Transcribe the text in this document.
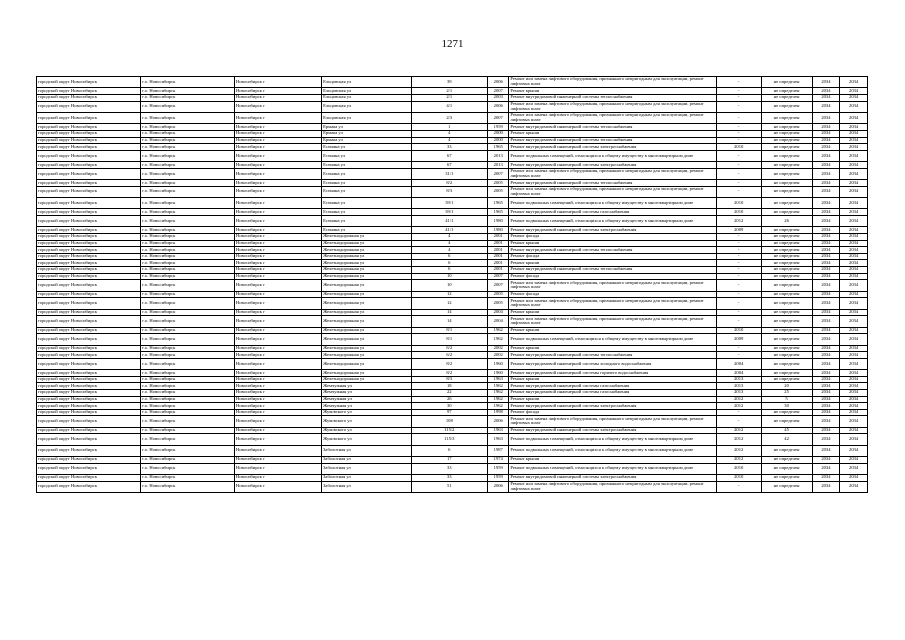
1271
городской округ Новосибирск	г.о. Новосибирск	Новосибирск г	Ельцовская ул	39	2006	Ремонт или замена лифтового оборудования, признанного непригодным для эксплуатации, ремонт лифтовых шахт	-	не определен	2034	2034
городской округ Новосибирск	г.о. Новосибирск	Новосибирск г	Ельцовская ул	2/1	2007	Ремонт крыши	-	не определен	2034	2034
городской округ Новосибирск	г.о. Новосибирск	Новосибирск г	Ельцовская ул	2/1	2003	Ремонт внутридомовой инженерной системы теплоснабжения	-	не определен	2034	2034
городской округ Новосибирск	г.о. Новосибирск	Новосибирск г	Ельцовская ул	4/1	2006	Ремонт или замена лифтового оборудования, признанного непригодным для эксплуатации, ремонт лифтовых шахт	-	не определен	2034	2034
городской округ Новосибирск	г.о. Новосибирск	Новосибирск г	Ельцовская ул	2/3	2007	Ремонт или замена лифтового оборудования, признанного непригодным для эксплуатации, ремонт лифтовых шахт	-	не определен	2034	2034
городской округ Новосибирск	г.о. Новосибирск	Новосибирск г	Ермака ул	1	1959	Ремонт внутридомовой инженерной системы теплоснабжения	-	не определен	2034	2034
городской округ Новосибирск	г.о. Новосибирск	Новосибирск г	Ермака ул	4	2000	Ремонт крыши	-	не определен	2034	2034
городской округ Новосибирск	г.о. Новосибирск	Новосибирск г	Ермака ул	4	2000	Ремонт внутридомовой инженерной системы теплоснабжения	-	не определен	2034	2034
городской округ Новосибирск	г.о. Новосибирск	Новосибирск г	Есенина ул	33	1965	Ремонт внутридомовой инженерной системы электроснабжения	2010	не определен	2034	2034
городской округ Новосибирск	г.о. Новосибирск	Новосибирск г	Есенина ул	67	2013	Ремонт подвальных помещений, относящихся к общему имуществу в многоквартирном доме	-	не определен	2034	2034
городской округ Новосибирск	г.о. Новосибирск	Новосибирск г	Есенина ул	67	2013	Ремонт внутридомовой инженерной системы электроснабжения	-	не определен	2034	2034
городской округ Новосибирск	г.о. Новосибирск	Новосибирск г	Есенина ул	31/1	2007	Ремонт или замена лифтового оборудования, признанного непригодным для эксплуатации, ремонт лифтовых шахт	-	не определен	2034	2034
городской округ Новосибирск	г.о. Новосибирск	Новосибирск г	Есенина ул	8/2	2005	Ремонт внутридомовой инженерной системы теплоснабжения	-	не определен	2034	2034
городской округ Новосибирск	г.о. Новосибирск	Новосибирск г	Есенина ул	8/3	2005	Ремонт или замена лифтового оборудования, признанного непригодным для эксплуатации, ремонт лифтовых шахт	-	не определен	2034	2034
городской округ Новосибирск	г.о. Новосибирск	Новосибирск г	Есенина ул	39/1	1965	Ремонт подвальных помещений, относящихся к общему имуществу в многоквартирном доме	2010	не определен	2034	2034
городской округ Новосибирск	г.о. Новосибирск	Новосибирск г	Есенина ул	39/1	1965	Ремонт внутридомовой инженерной системы газоснабжения	2010	не определен	2034	2034
городской округ Новосибирск	г.о. Новосибирск	Новосибирск г	Есенина ул	41/1	1980	Ремонт подвальных помещений, относящихся к общему имуществу в многоквартирном доме	2012	26	2034	2034
городской округ Новосибирск	г.о. Новосибирск	Новосибирск г	Есенина ул	41/1	1980	Ремонт внутридомовой инженерной системы электроснабжения	2009	не определен	2034	2034
городской округ Новосибирск	г.о. Новосибирск	Новосибирск г	Железнодорожная ул	4	2001	Ремонт фасада	-	не определен	2034	2034
городской округ Новосибирск	г.о. Новосибирск	Новосибирск г	Железнодорожная ул	4	2001	Ремонт крыши	-	не определен	2034	2034
городской округ Новосибирск	г.о. Новосибирск	Новосибирск г	Железнодорожная ул	4	2001	Ремонт внутридомовой инженерной системы теплоснабжения	-	не определен	2034	2034
городской округ Новосибирск	г.о. Новосибирск	Новосибирск г	Железнодорожная ул	6	2001	Ремонт фасада	-	не определен	2034	2034
городской округ Новосибирск	г.о. Новосибирск	Новосибирск г	Железнодорожная ул	6	2001	Ремонт крыши	-	не определен	2034	2034
городской округ Новосибирск	г.о. Новосибирск	Новосибирск г	Железнодорожная ул	6	2001	Ремонт внутридомовой инженерной системы теплоснабжения	-	не определен	2034	2034
городской округ Новосибирск	г.о. Новосибирск	Новосибирск г	Железнодорожная ул	10	2007	Ремонт фасада	-	не определен	2034	2034
городской округ Новосибирск	г.о. Новосибирск	Новосибирск г	Железнодорожная ул	10	2007	Ремонт или замена лифтового оборудования, признанного непригодным для эксплуатации, ремонт лифтовых шахт	-	не определен	2034	2034
городской округ Новосибирск	г.о. Новосибирск	Новосибирск г	Железнодорожная ул	12	2005	Ремонт фасада	-	не определен	2034	2034
городской округ Новосибирск	г.о. Новосибирск	Новосибирск г	Железнодорожная ул	12	2005	Ремонт или замена лифтового оборудования, признанного непригодным для эксплуатации, ремонт лифтовых шахт	-	не определен	2034	2034
городской округ Новосибирск	г.о. Новосибирск	Новосибирск г	Железнодорожная ул	14	2004	Ремонт крыши	-	не определен	2034	2034
городской округ Новосибирск	г.о. Новосибирск	Новосибирск г	Железнодорожная ул	14	2004	Ремонт или замена лифтового оборудования, признанного непригодным для эксплуатации, ремонт лифтовых шахт	-	не определен	2034	2034
городской округ Новосибирск	г.о. Новосибирск	Новосибирск г	Железнодорожная ул	8/1	1962	Ремонт крыши	2010	не определен	2034	2034
городской округ Новосибирск	г.о. Новосибирск	Новосибирск г	Железнодорожная ул	8/1	1962	Ремонт подвальных помещений, относящихся к общему имуществу в многоквартирном доме	2009	не определен	2034	2034
городской округ Новосибирск	г.о. Новосибирск	Новосибирск г	Железнодорожная ул	6/2	2002	Ремонт крыши	-	не определен	2034	2034
городской округ Новосибирск	г.о. Новосибирск	Новосибирск г	Железнодорожная ул	6/2	2002	Ремонт внутридомовой инженерной системы теплоснабжения	-	не определен	2034	2034
городской округ Новосибирск	г.о. Новосибирск	Новосибирск г	Железнодорожная ул	8/2	1960	Ремонт внутридомовой инженерной системы холодного водоснабжения	2004	не определен	2034	2034
городской округ Новосибирск	г.о. Новосибирск	Новосибирск г	Железнодорожная ул	8/2	1960	Ремонт внутридомовой инженерной системы горячего водоснабжения	2004	не определен	2034	2034
городской округ Новосибирск	г.о. Новосибирск	Новосибирск г	Железнодорожная ул	8/3	1963	Ремонт крыши	2013	не определен	2034	2034
городской округ Новосибирск	г.о. Новосибирск	Новосибирск г	Жемчужная ул	18	1962	Ремонт внутридомовой инженерной системы газоснабжения	2013	20	2034	2034
городской округ Новосибирск	г.о. Новосибирск	Новосибирск г	Жемчужная ул	22	1962	Ремонт внутридомовой инженерной системы газоснабжения	2013	25	2034	2034
городской округ Новосибирск	г.о. Новосибирск	Новосибирск г	Жемчужная ул	26	1962	Ремонт крыши	2012	5	2034	2034
городской округ Новосибирск	г.о. Новосибирск	Новосибирск г	Жемчужная ул	30	1962	Ремонт внутридомовой инженерной системы электроснабжения	2012	30	2034	2034
городской округ Новосибирск	г.о. Новосибирск	Новосибирск г	Жуковского ул	97	1998	Ремонт фасада	-	не определен	2034	2034
городской округ Новосибирск	г.о. Новосибирск	Новосибирск г	Жуковского ул	108	2006	Ремонт или замена лифтового оборудования, признанного непригодным для эксплуатации, ремонт лифтовых шахт	-	не определен	2034	2034
городской округ Новосибирск	г.о. Новосибирск	Новосибирск г	Жуковского ул	115/2	1963	Ремонт внутридомовой инженерной системы электроснабжения	2012	45	2034	2034
городской округ Новосибирск	г.о. Новосибирск	Новосибирск г	Жуковского ул	115/3	1963	Ремонт подвальных помещений, относящихся к общему имуществу в многоквартирном доме	2012	42	2034	2034
городской округ Новосибирск	г.о. Новосибирск	Новосибирск г	Заболотная ул	6	1987	Ремонт подвальных помещений, относящихся к общему имуществу в многоквартирном доме	2012	не определен	2034	2034
городской округ Новосибирск	г.о. Новосибирск	Новосибирск г	Заболотная ул	17	1974	Ремонт крыши	2012	не определен	2034	2034
городской округ Новосибирск	г.о. Новосибирск	Новосибирск г	Заболотная ул	33	1959	Ремонт подвальных помещений, относящихся к общему имуществу в многоквартирном доме	2010	не определен	2034	2034
городской округ Новосибирск	г.о. Новосибирск	Новосибирск г	Заболотная ул	33	1959	Ремонт внутридомовой инженерной системы электроснабжения	2010	не определен	2034	2034
городской округ Новосибирск	г.о. Новосибирск	Новосибирск г	Заболотная ул	51	2006	Ремонт или замена лифтового оборудования, признанного непригодным для эксплуатации, ремонт лифтовых шахт	-	не определен	2034	2034
